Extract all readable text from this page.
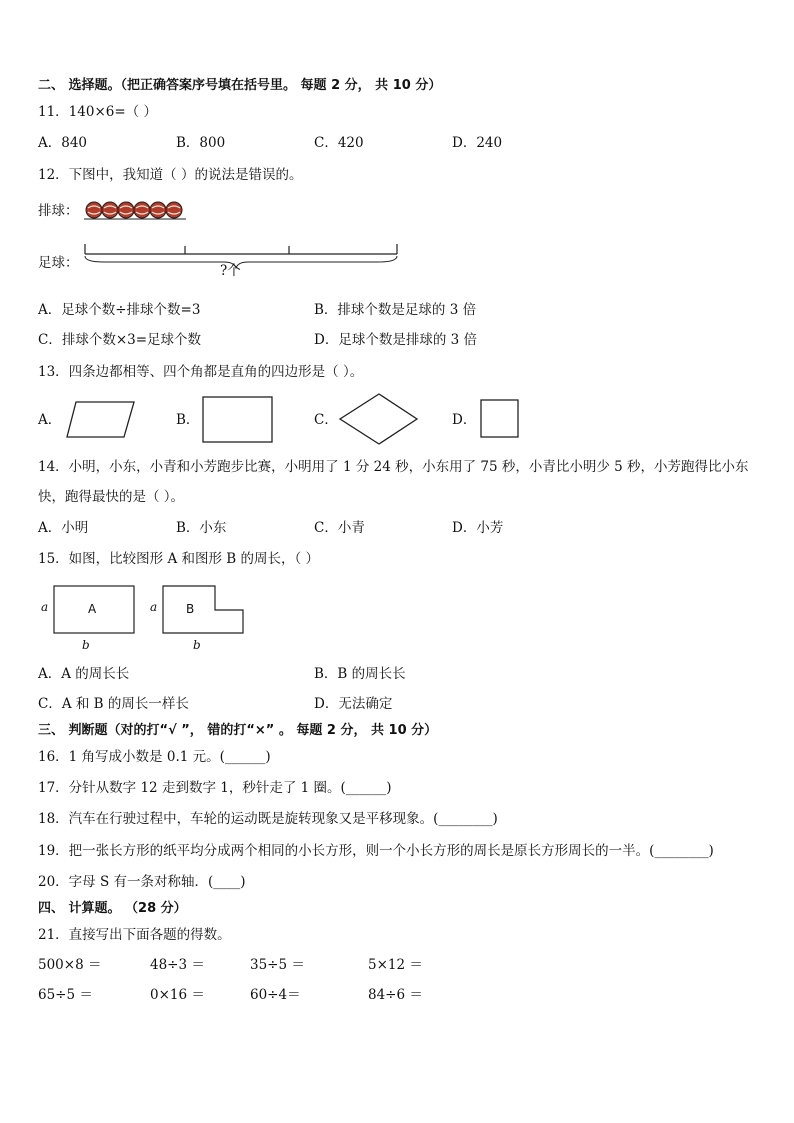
二、 选择题。（把正确答案序号填在括号里。 每题 2 分， 共 10 分）
11．140×6=（ ）
A．840	B．800	C．420	D．240
12．下图中，我知道（ ）的说法是错误的。
排球：
足球：	?个
A．足球个数÷排球个数=3	B．排球个数是足球的 3 倍
C．排球个数×3=足球个数	D．足球个数是排球的 3 倍
13．四条边都相等、四个角都是直角的四边形是（ ）。
A．	B．	C．	D．
14．小明，小东，小青和小芳跑步比赛，小明用了 1 分 24 秒，小东用了 75 秒，小青比小明少 5 秒，小芳跑得比小东
快，跑得最快的是（ ）。
A．小明	B．小东	C．小青	D．小芳
15．如图，比较图形 A 和图形 B 的周长，（ ）
A
a
b
B
a
b
A．A 的周长长	B．B 的周长长
C．A 和 B 的周长一样长	D．无法确定
三、 判断题（对的打“√ ”， 错的打“×” 。 每题 2 分， 共 10 分）
16．1 角写成小数是 0.1 元。(______)
17．分针从数字 12 走到数字 1，秒针走了 1 圈。(______)
18．汽车在行驶过程中，车轮的运动既是旋转现象又是平移现象。(________)
19．把一张长方形的纸平均分成两个相同的小长方形，则一个小长方形的周长是原长方形周长的一半。(________)
20．字母 S 有一条对称轴．(____)
四、 计算题。 （28 分）
21．直接写出下面各题的得数。
500×8 ＝	48÷3 ＝	35÷5 ＝	5×12 ＝
65÷5 ＝	0×16 ＝	60÷4＝	84÷6 ＝
